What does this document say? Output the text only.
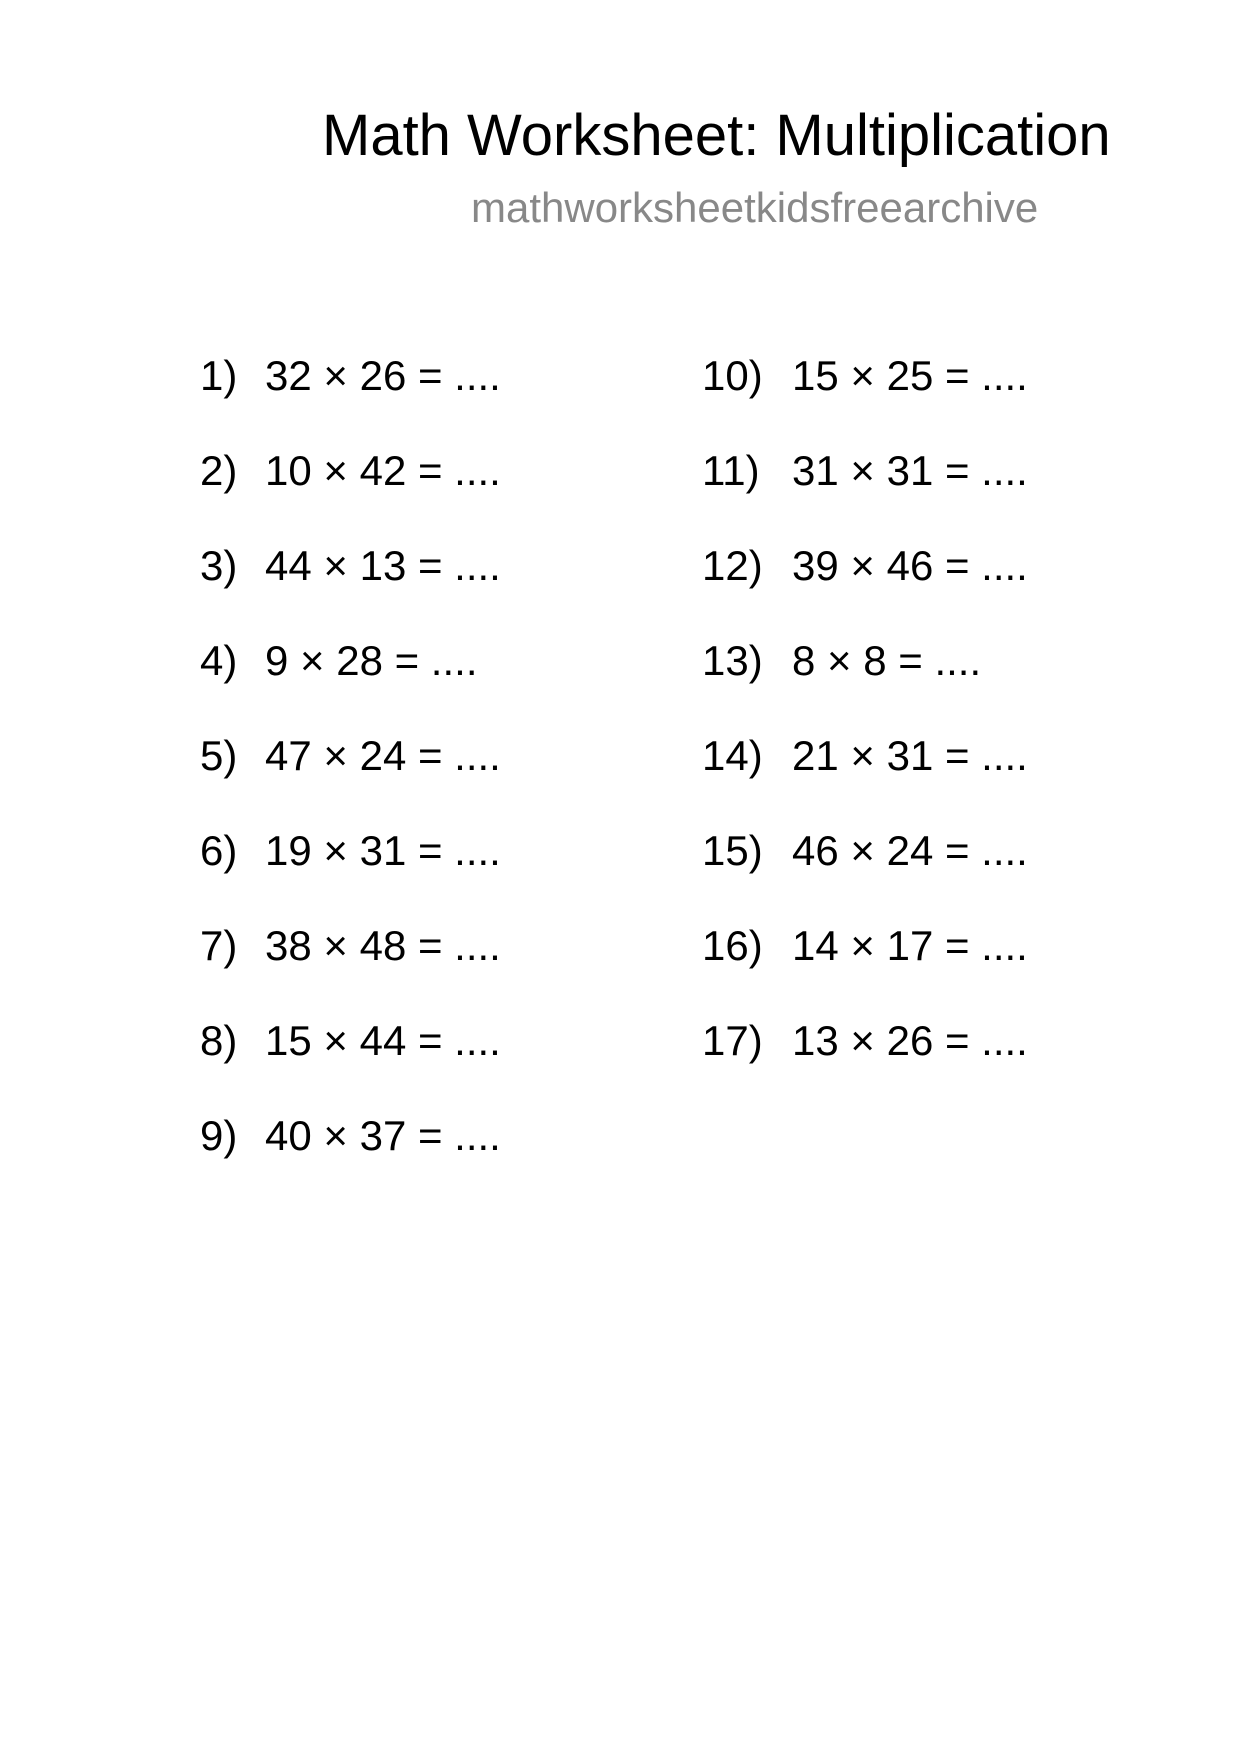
Math Worksheet: Multiplication
mathworksheetkidsfreearchive
1) 32 × 26 = ....
2) 10 × 42 = ....
3) 44 × 13 = ....
4) 9 × 28 = ....
5) 47 × 24 = ....
6) 19 × 31 = ....
7) 38 × 48 = ....
8) 15 × 44 = ....
9) 40 × 37 = ....
10) 15 × 25 = ....
11) 31 × 31 = ....
12) 39 × 46 = ....
13) 8 × 8 = ....
14) 21 × 31 = ....
15) 46 × 24 = ....
16) 14 × 17 = ....
17) 13 × 26 = ....
